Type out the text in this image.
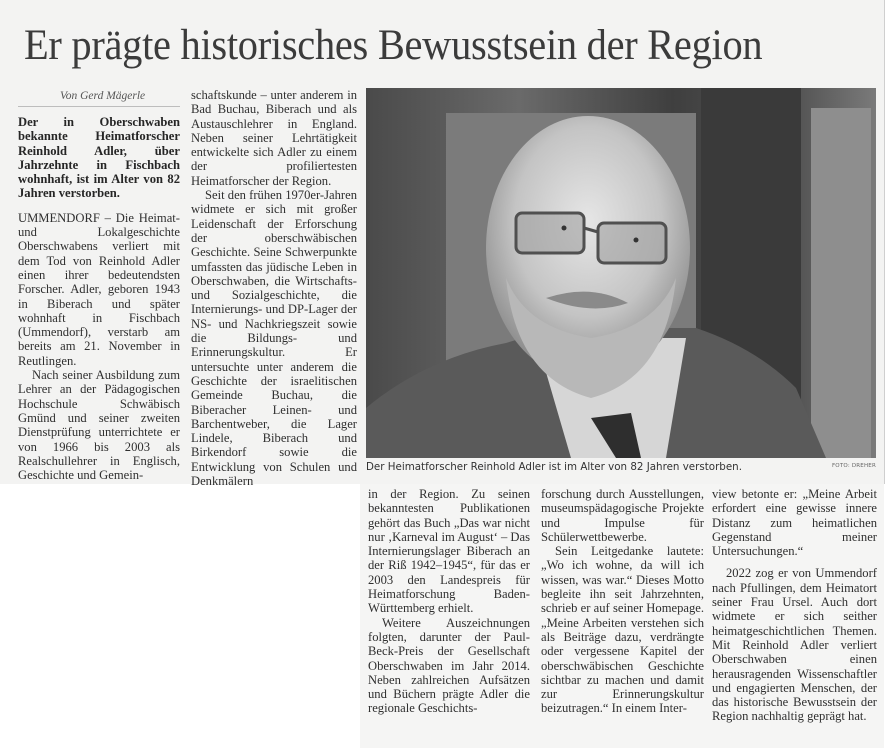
Er prägte historisches Bewusstsein der Region
Von Gerd Mägerle

Der in Oberschwaben bekannte Heimatforscher Reinhold Adler, über Jahrzehnte in Fischbach wohnhaft, ist im Alter von 82 Jahren verstorben.

UMMENDORF – Die Heimat- und Lokalgeschichte Oberschwabens verliert mit dem Tod von Reinhold Adler einen ihrer bedeutendsten Forscher. Adler, geboren 1943 in Biberach und später wohnhaft in Fischbach (Ummendorf), verstarb am bereits am 21. November in Reutlingen.

Nach seiner Ausbildung zum Lehrer an der Pädagogischen Hochschule Schwäbisch Gmünd und seiner zweiten Dienstprüfung unterrichtete er von 1966 bis 2003 als Realschullehrer in Englisch, Geschichte und Gemein-

schaftskunde – unter anderem in Bad Buchau, Biberach und als Austauschlehrer in England. Neben seiner Lehrtätigkeit entwickelte sich Adler zu einem der profiliertesten Heimatforscher der Region.

Seit den frühen 1970er-Jahren widmete er sich mit großer Leidenschaft der Erforschung der oberschwäbischen Geschichte. Seine Schwerpunkte umfassten das jüdische Leben in Oberschwaben, die Wirtschafts- und Sozialgeschichte, die Internierungs- und DP-Lager der NS- und Nachkriegszeit sowie die Bildungs- und Erinnerungskultur. Er untersuchte unter anderem die Geschichte der israelitischen Gemeinde Buchau, die Biberacher Leinen- und Barchentweber, die Lager Lindele, Biberach und Birkendorf sowie die Entwicklung von Schulen und Denkmälern

Der Heimatforscher Reinhold Adler ist im Alter von 82 Jahren verstorben.	FOTO: DREHER

in der Region. Zu seinen bekanntesten Publikationen gehört das Buch „Das war nicht nur ‚Karneval im August‘ – Das Internierungslager Biberach an der Riß 1942–1945“, für das er 2003 den Landespreis für Heimatforschung Baden-Württemberg erhielt.

Weitere Auszeichnungen folgten, darunter der Paul-Beck-Preis der Gesellschaft Oberschwaben im Jahr 2014. Neben zahlreichen Aufsätzen und Büchern prägte Adler die regionale Geschichts-

forschung durch Ausstellungen, museumspädagogische Projekte und Impulse für Schülerwettbewerbe.

Sein Leitgedanke lautete: „Wo ich wohne, da will ich wissen, was war.“ Dieses Motto begleite ihn seit Jahrzehnten, schrieb er auf seiner Homepage. „Meine Arbeiten verstehen sich als Beiträge dazu, verdrängte oder vergessene Kapitel der oberschwäbischen Geschichte sichtbar zu machen und damit zur Erinnerungskultur beizutragen.“ In einem Inter-

view betonte er: „Meine Arbeit erfordert eine gewisse innere Distanz zum heimatlichen Gegenstand meiner Untersuchungen.“

2022 zog er von Ummendorf nach Pfullingen, dem Heimatort seiner Frau Ursel. Auch dort widmete er sich seither heimatgeschichtlichen Themen. Mit Reinhold Adler verliert Oberschwaben einen herausragenden Wissenschaftler und engagierten Menschen, der das historische Bewusstsein der Region nachhaltig geprägt hat.
